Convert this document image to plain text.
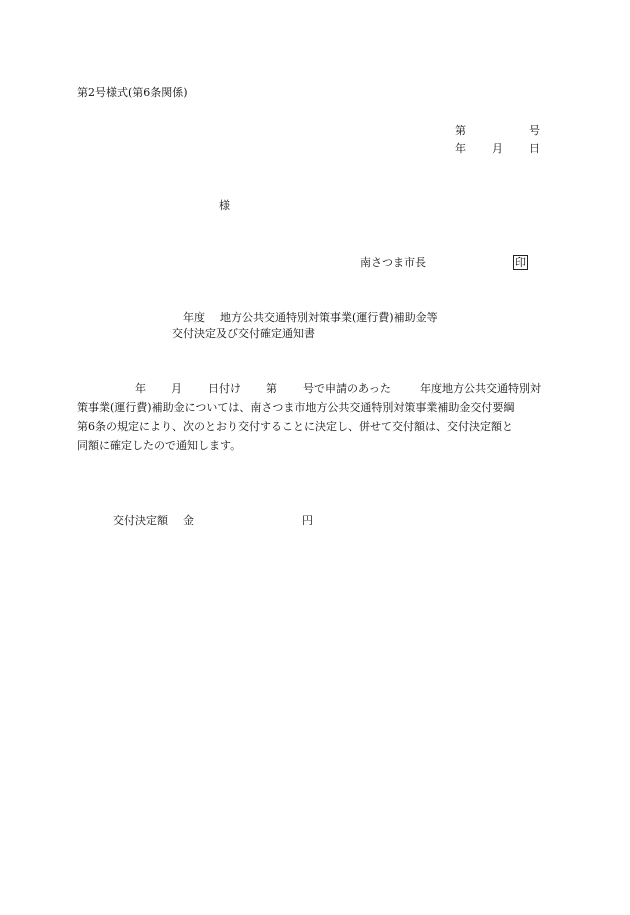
第2号様式(第6条関係)
第	号
年 月 日
様
南さつま市長	印
年度 地方公共交通特別対策事業(運行費)補助金等
交付決定及び交付確定通知書
年 月 日付け 第 号で申請のあった	年度地方公共交通特別対
策事業(運行費)補助金については、南さつま市地方公共交通特別対策事業補助金交付要綱
第6条の規定により、次のとおり交付することに決定し、併せて交付額は、交付決定額と
同額に確定したので通知します。
交付決定額 金	円
